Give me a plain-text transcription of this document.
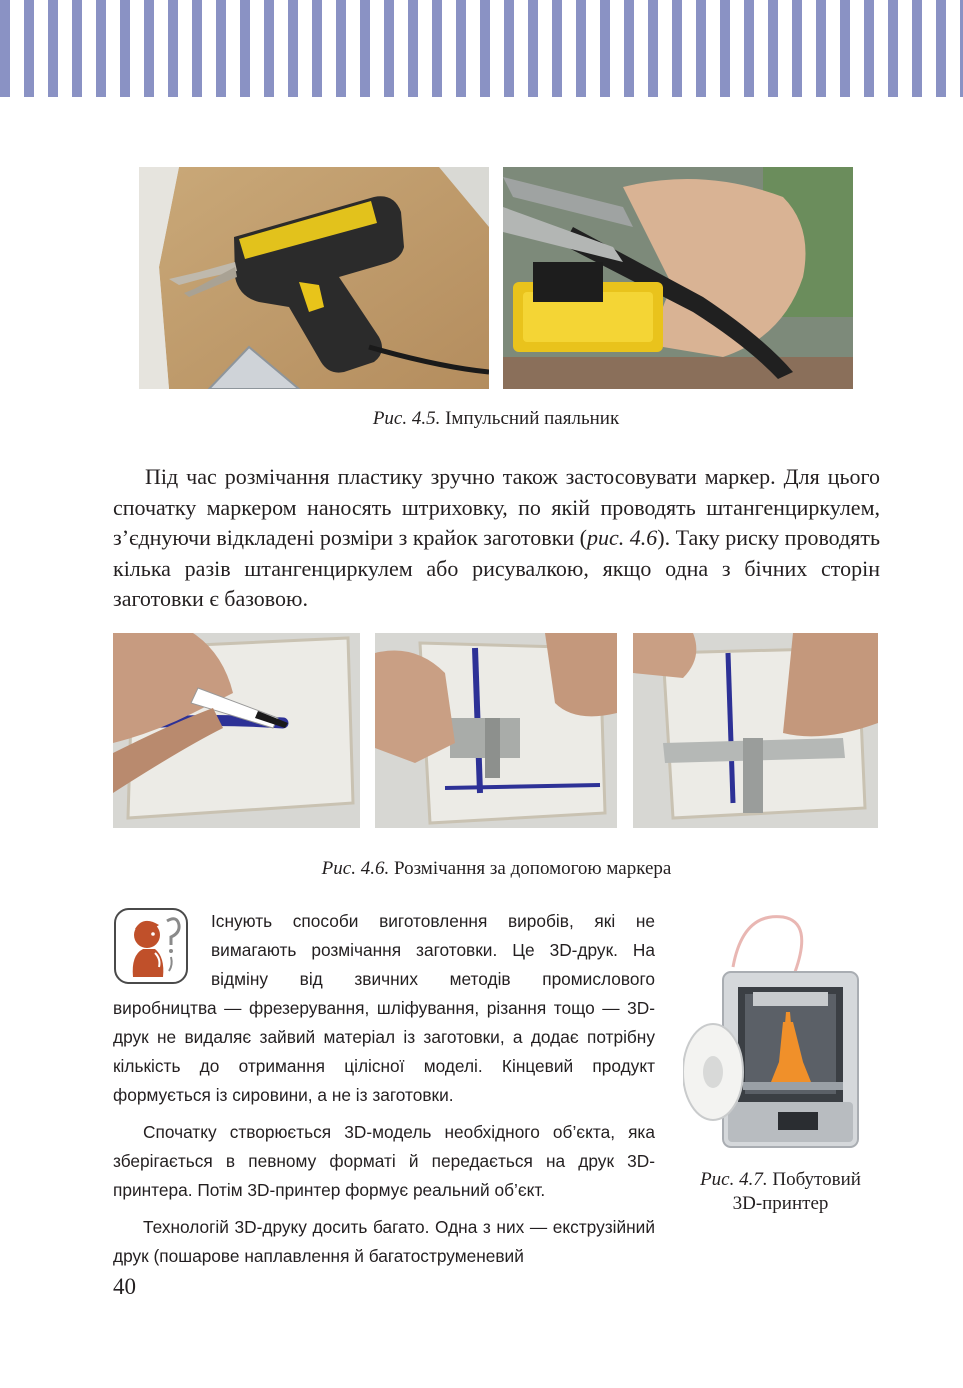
Рис. 4.5. Імпульсний паяльник
Під час розмічання пластику зручно також застосовувати маркер. Для цього спочатку маркером наносять штриховку, по якій проводять штангенциркулем, з’єднуючи відкладені розміри з крайок заготовки (рис. 4.6). Таку риску проводять кілька разів штангенциркулем або рисувалкою, якщо одна з бічних сторін заготовки є базовою.
Рис. 4.6. Розмічання за допомогою маркера

Існують способи виготовлення виробів, які не вимагають розмічання заготовки. Це 3D-друк. На відміну від звичних методів промислового виробництва — фрезерування, шліфування, різання тощо — 3D-друк не видаляє зайвий матеріал із заготовки, а додає потрібну кількість до отримання цілісної моделі. Кінцевий продукт формується із сировини, а не із заготовки.

Спочатку створюється 3D-модель необхідного об’єкта, яка зберігається в певному форматі й передається на друк 3D-принтера. Потім 3D-принтер формує реальний об’єкт.

Технологій 3D-друку досить багато. Одна з них — екструзійний друк (пошарове наплавлення й багатоструменевий

Рис. 4.7. Побутовий
3D-принтер
40
